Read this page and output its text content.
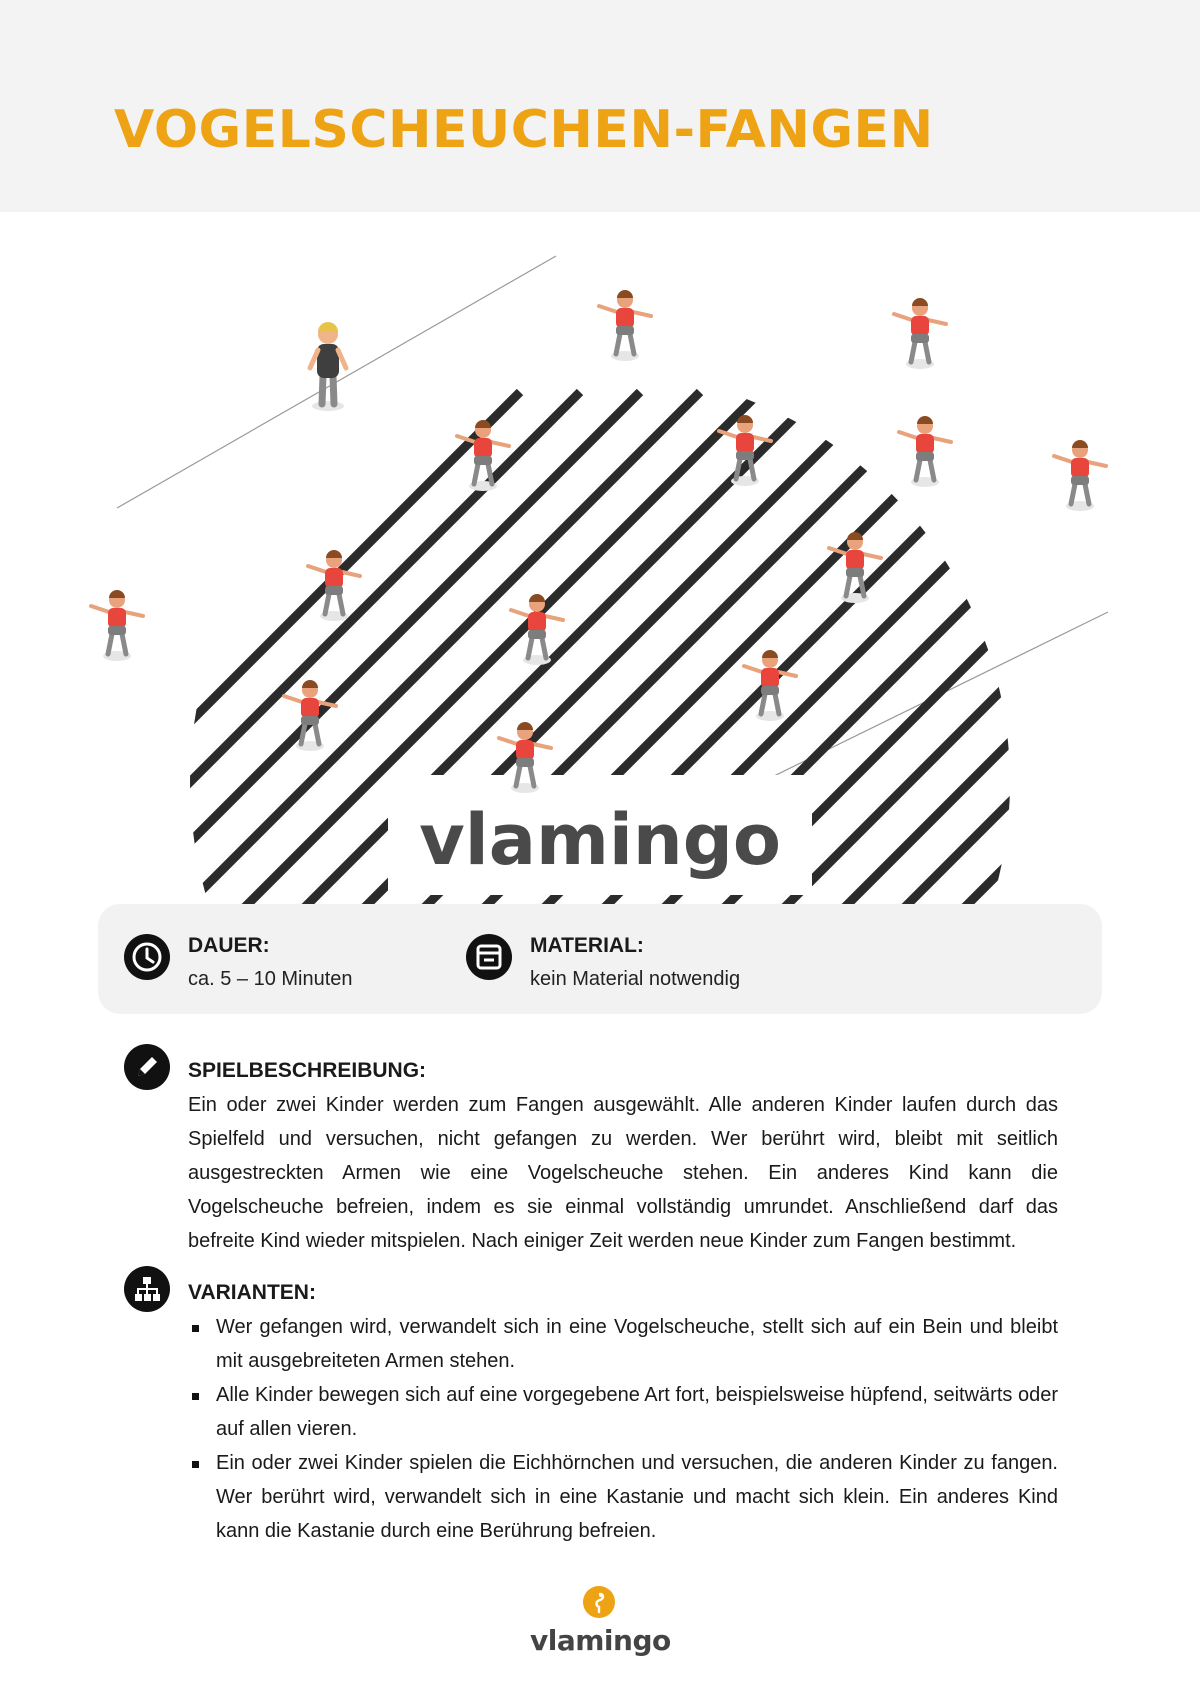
VOGELSCHEUCHEN-FANGEN
vlamingo
DAUER:
ca. 5 – 10 Minuten
MATERIAL:
kein Material notwendig
SPIELBESCHREIBUNG:

Ein oder zwei Kinder werden zum Fangen ausgewählt. Alle anderen Kinder laufen durch das Spielfeld und versuchen, nicht gefangen zu werden. Wer berührt wird, bleibt mit seitlich ausgestreckten Armen wie eine Vogelscheuche stehen. Ein anderes Kind kann die Vogelscheuche befreien, indem es sie einmal vollständig umrundet. Anschließend darf das befreite Kind wieder mitspielen. Nach einiger Zeit werden neue Kinder zum Fangen bestimmt.

VARIANTEN:
Wer gefangen wird, verwandelt sich in eine Vogelscheuche, stellt sich auf ein Bein und bleibt mit ausgebreiteten Armen stehen.
Alle Kinder bewegen sich auf eine vorgegebene Art fort, beispielsweise hüpfend, seitwärts oder auf allen vieren.
Ein oder zwei Kinder spielen die Eichhörnchen und versuchen, die anderen Kinder zu fangen. Wer berührt wird, verwandelt sich in eine Kastanie und macht sich klein. Ein anderes Kind kann die Kastanie durch eine Berührung befreien.
vlamingo
